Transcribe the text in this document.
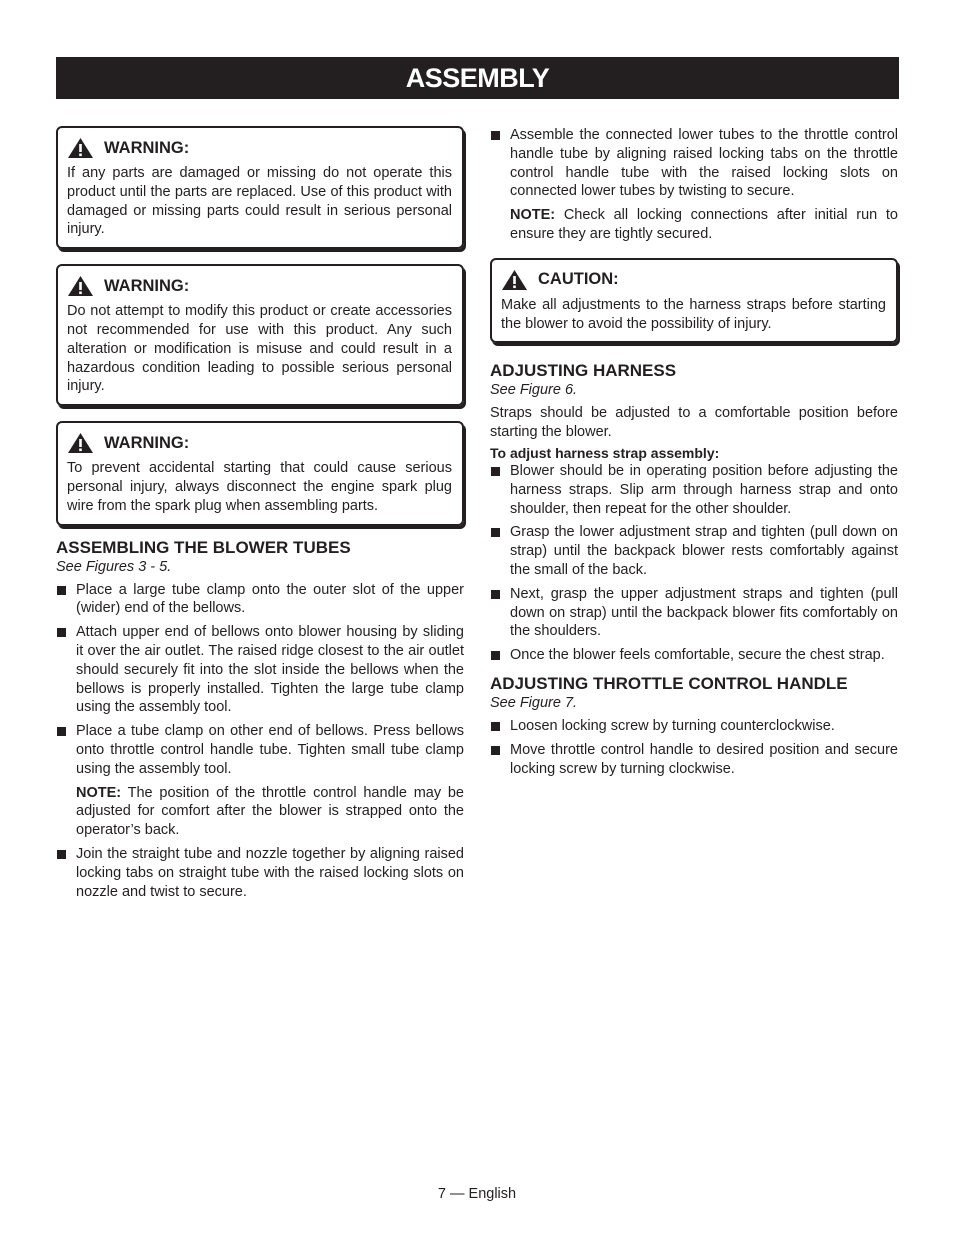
ASSEMBLY
WARNING:

If any parts are damaged or missing do not operate this product until the parts are replaced. Use of this product with damaged or missing parts could result in serious personal injury.

WARNING:

Do not attempt to modify this product or create accessories not recommended for use with this product. Any such alteration or modification is misuse and could result in a hazardous condition leading to possible serious personal injury.

WARNING:

To prevent accidental starting that could cause serious personal injury, always disconnect the engine spark plug wire from the spark plug when assembling parts.

ASSEMBLING THE BLOWER TUBES
See Figures 3 - 5.
Place a large tube clamp onto the outer slot of the upper (wider) end of the bellows.
Attach upper end of bellows onto blower housing by sliding it over the air outlet. The raised ridge closest to the air outlet should securely fit into the slot inside the bellows when the bellows is properly installed. Tighten the large tube clamp using the assembly tool.
Place a tube clamp on other end of bellows. Press bellows onto throttle control handle tube. Tighten small tube clamp using the assembly tool.

NOTE: The position of the throttle control handle may be adjusted for comfort after the blower is strapped onto the operator’s back.

Join the straight tube and nozzle together by aligning raised locking tabs on straight tube with the raised locking slots on nozzle and twist to secure.
Assemble the connected lower tubes to the throttle control handle tube by aligning raised locking tabs on the throttle control handle tube with the raised locking slots on connected lower tubes by twisting to secure.

NOTE: Check all locking connections after initial run to ensure they are tightly secured.

CAUTION:

Make all adjustments to the harness straps before starting the blower to avoid the possibility of injury.

ADJUSTING HARNESS
See Figure 6.

Straps should be adjusted to a comfortable position before starting the blower.

To adjust harness strap assembly:
Blower should be in operating position before adjusting the harness straps. Slip arm through harness strap and onto shoulder, then repeat for the other shoulder.
Grasp the lower adjustment strap and tighten (pull down on strap) until the backpack blower rests comfortably against the small of the back.
Next, grasp the upper adjustment straps and tighten (pull down on strap) until the backpack blower fits comfortably on the shoulders.
Once the blower feels comfortable, secure the chest strap.
ADJUSTING THROTTLE CONTROL HANDLE
See Figure 7.
Loosen locking screw by turning counterclockwise.
Move throttle control handle to desired position and secure locking screw by turning clockwise.
7 — English
